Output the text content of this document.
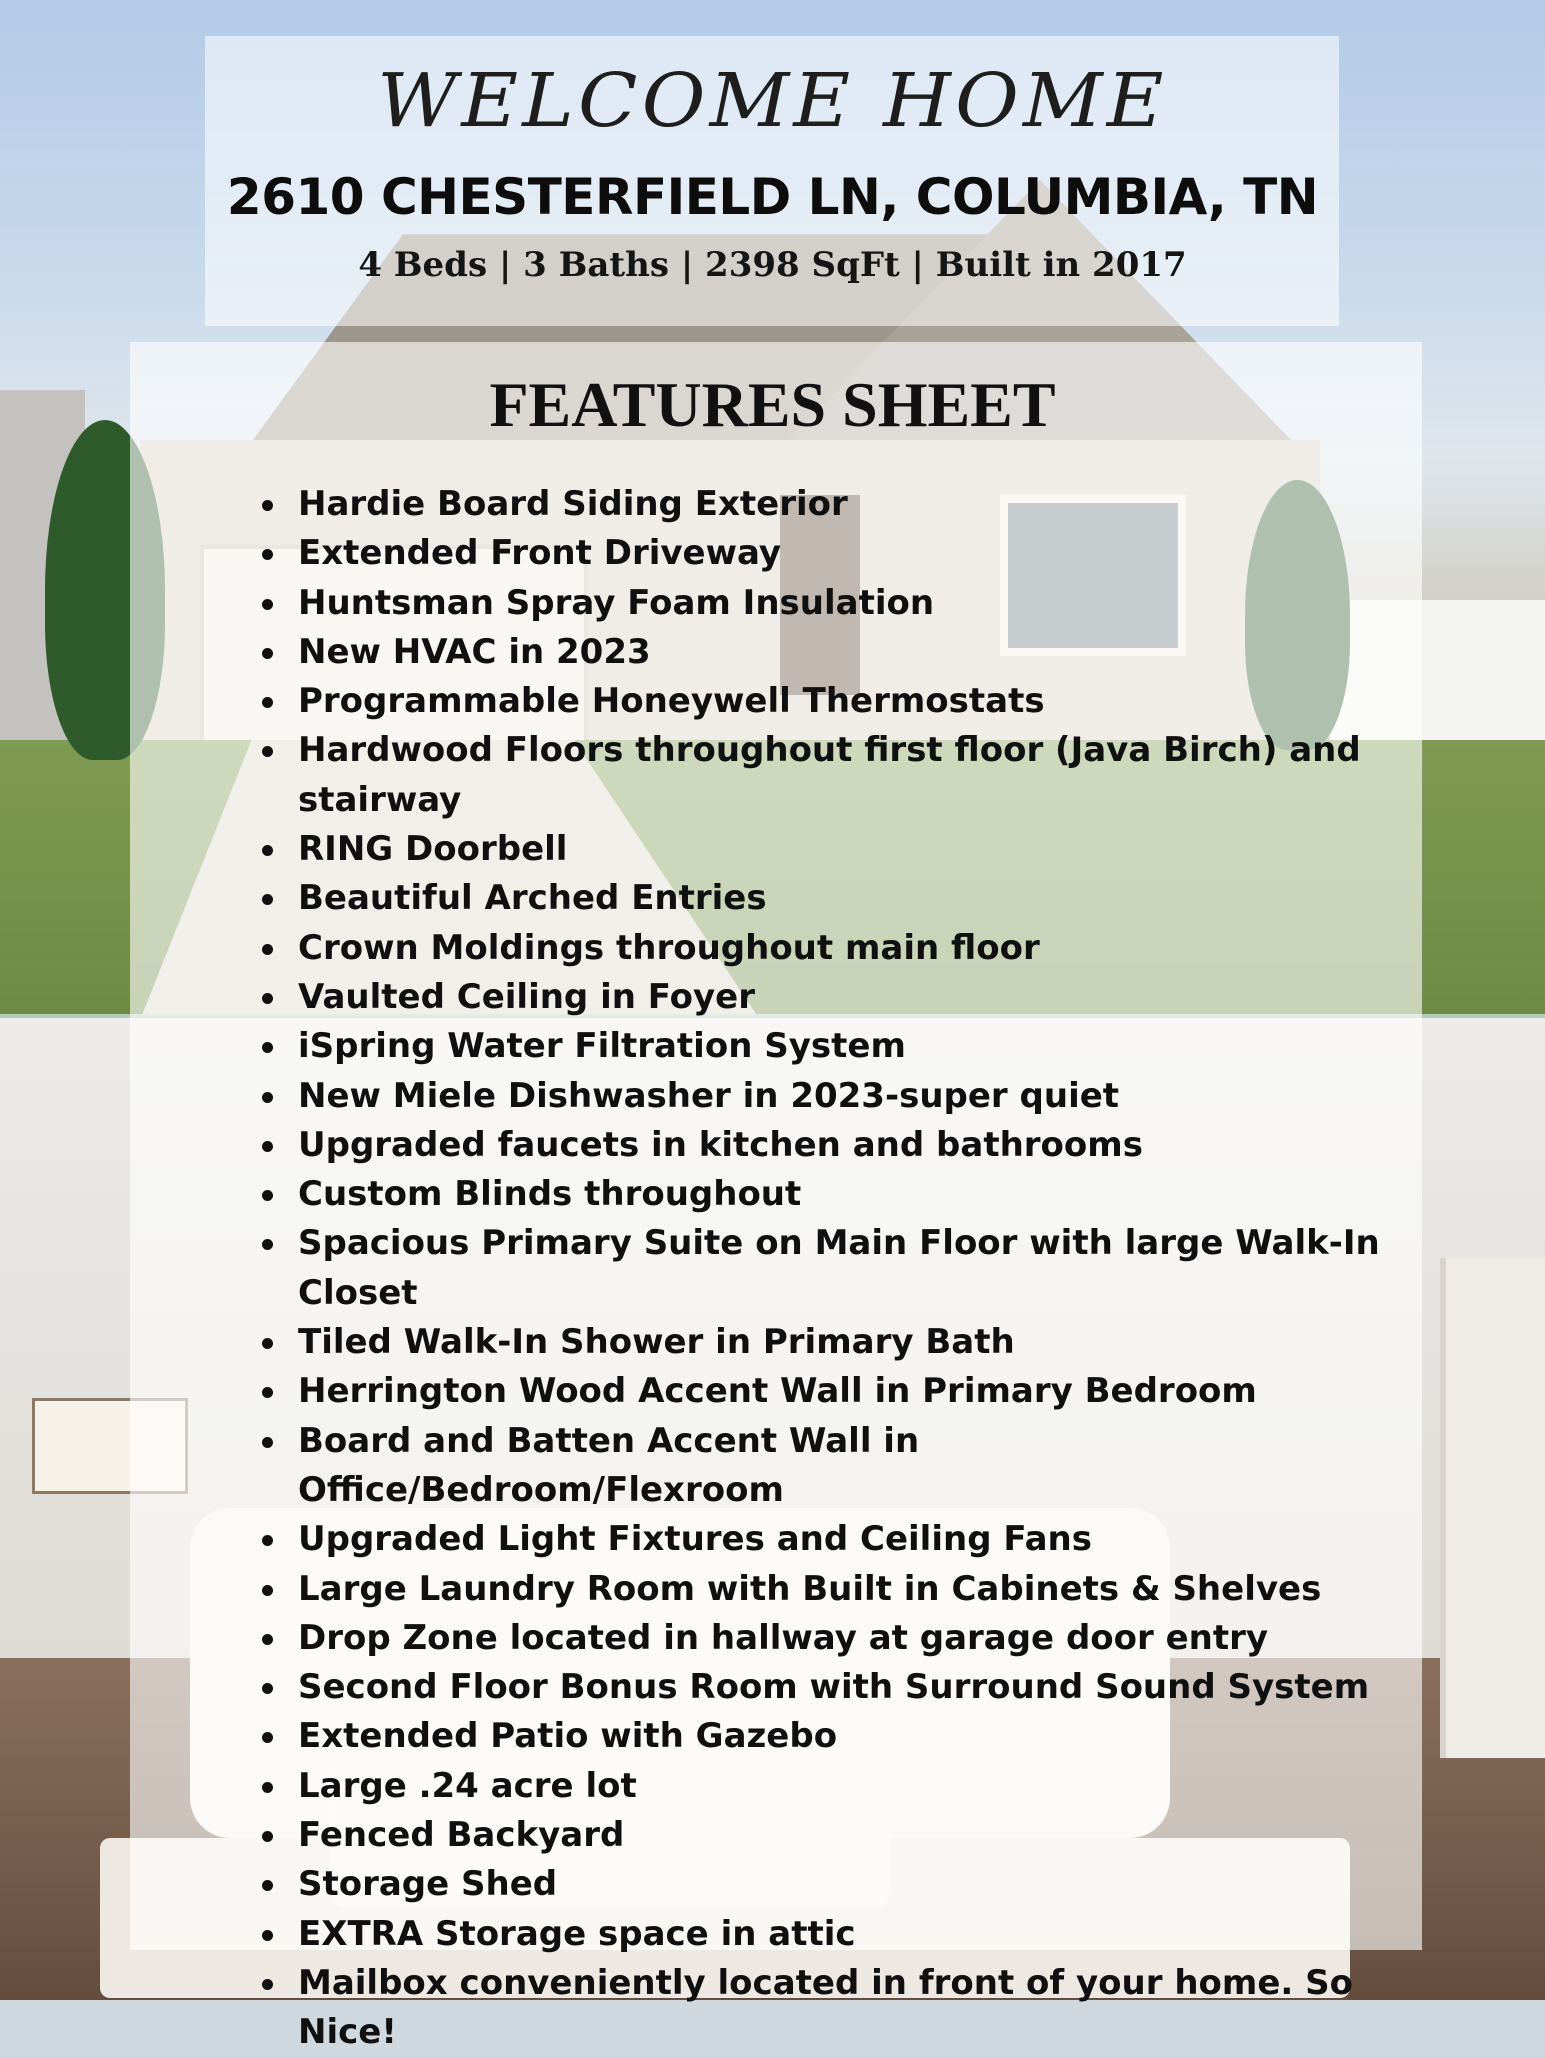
WELCOME HOME
2610 CHESTERFIELD LN, COLUMBIA, TN
4 Beds | 3 Baths | 2398 SqFt | Built in 2017
FEATURES SHEET
Hardie Board Siding Exterior
Extended Front Driveway
Huntsman Spray Foam Insulation
New HVAC in 2023
Programmable Honeywell Thermostats
Hardwood Floors throughout first floor (Java Birch) and stairway
RING Doorbell
Beautiful Arched Entries
Crown Moldings throughout main floor
Vaulted Ceiling in Foyer
iSpring Water Filtration System
New Miele Dishwasher in 2023-super quiet
Upgraded faucets in kitchen and bathrooms
Custom Blinds throughout
Spacious Primary Suite on Main Floor with large Walk-In Closet
Tiled Walk-In Shower in Primary Bath
Herrington Wood Accent Wall in Primary Bedroom
Board and Batten Accent Wall in Office/Bedroom/Flexroom
Upgraded Light Fixtures and Ceiling Fans
Large Laundry Room with Built in Cabinets & Shelves
Drop Zone located in hallway at garage door entry
Second Floor Bonus Room with Surround Sound System
Extended Patio with Gazebo
Large .24 acre lot
Fenced Backyard
Storage Shed
EXTRA Storage space in attic
Mailbox conveniently located in front of your home. So Nice!
